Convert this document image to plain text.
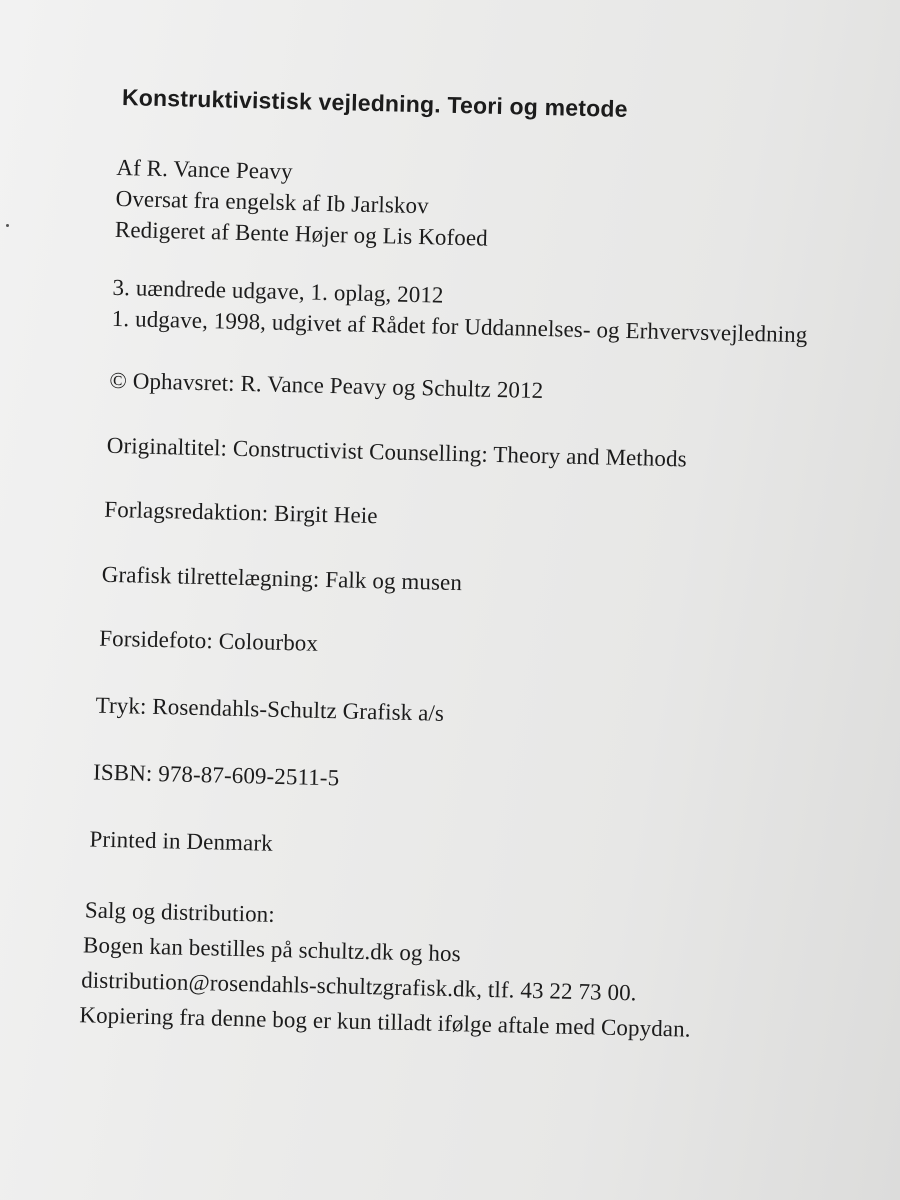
Konstruktivistisk vejledning. Teori og metode
Af R. Vance Peavy
Oversat fra engelsk af Ib Jarlskov
Redigeret af Bente Højer og Lis Kofoed
3. uændrede udgave, 1. oplag, 2012
1. udgave, 1998, udgivet af Rådet for Uddannelses- og Erhvervsvejledning
© Ophavsret: R. Vance Peavy og Schultz 2012
Originaltitel: Constructivist Counselling: Theory and Methods
Forlagsredaktion: Birgit Heie
Grafisk tilrettelægning: Falk og musen
Forsidefoto: Colourbox
Tryk: Rosendahls-Schultz Grafisk a/s
ISBN: 978-87-609-2511-5
Printed in Denmark
Salg og distribution:
Bogen kan bestilles på schultz.dk og hos
distribution@rosendahls-schultzgrafisk.dk, tlf. 43 22 73 00.
Kopiering fra denne bog er kun tilladt ifølge aftale med Copydan.
